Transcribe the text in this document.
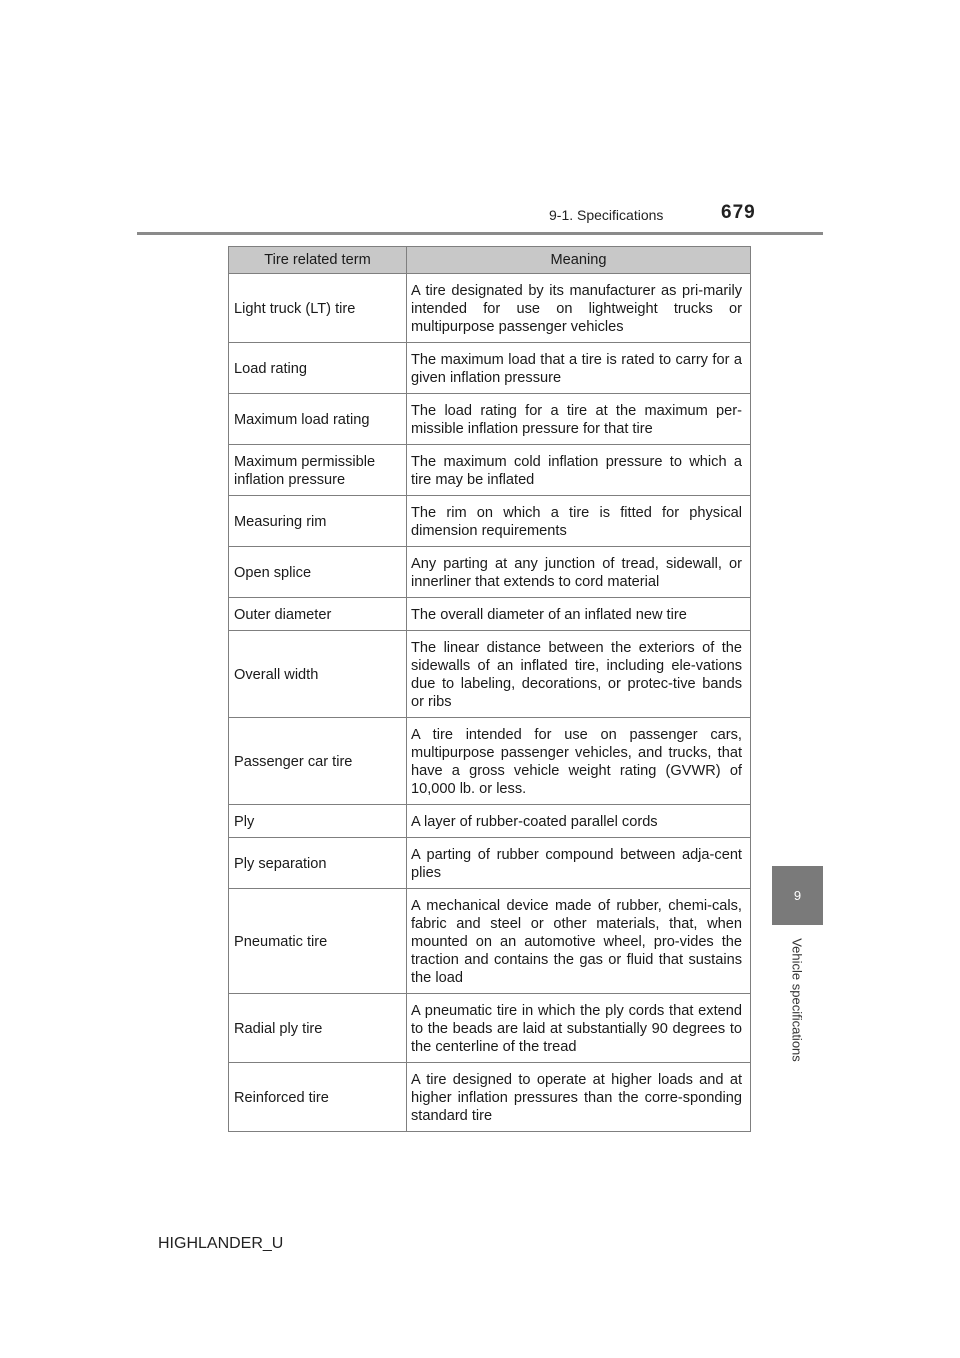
9-1. Specifications	679
9
Vehicle specifications
Tire related term	Meaning
Light truck (LT) tire	A tire designated by its manufacturer as pri-marily intended for use on lightweight trucks or multipurpose passenger vehicles
Load rating	The maximum load that a tire is rated to carry for a given inflation pressure
Maximum load rating	The load rating for a tire at the maximum per-missible inflation pressure for that tire
Maximum permissible inflation pressure	The maximum cold inflation pressure to which a tire may be inflated
Measuring rim	The rim on which a tire is fitted for physical dimension requirements
Open splice	Any parting at any junction of tread, sidewall, or innerliner that extends to cord material
Outer diameter	The overall diameter of an inflated new tire
Overall width	The linear distance between the exteriors of the sidewalls of an inflated tire, including ele-vations due to labeling, decorations, or protec-tive bands or ribs
Passenger car tire	A tire intended for use on passenger cars, multipurpose passenger vehicles, and trucks, that have a gross vehicle weight rating (GVWR) of 10,000 lb. or less.
Ply	A layer of rubber-coated parallel cords
Ply separation	A parting of rubber compound between adja-cent plies
Pneumatic tire	A mechanical device made of rubber, chemi-cals, fabric and steel or other materials, that, when mounted on an automotive wheel, pro-vides the traction and contains the gas or fluid that sustains the load
Radial ply tire	A pneumatic tire in which the ply cords that extend to the beads are laid at substantially 90 degrees to the centerline of the tread
Reinforced tire	A tire designed to operate at higher loads and at higher inflation pressures than the corre-sponding standard tire
HIGHLANDER_U
